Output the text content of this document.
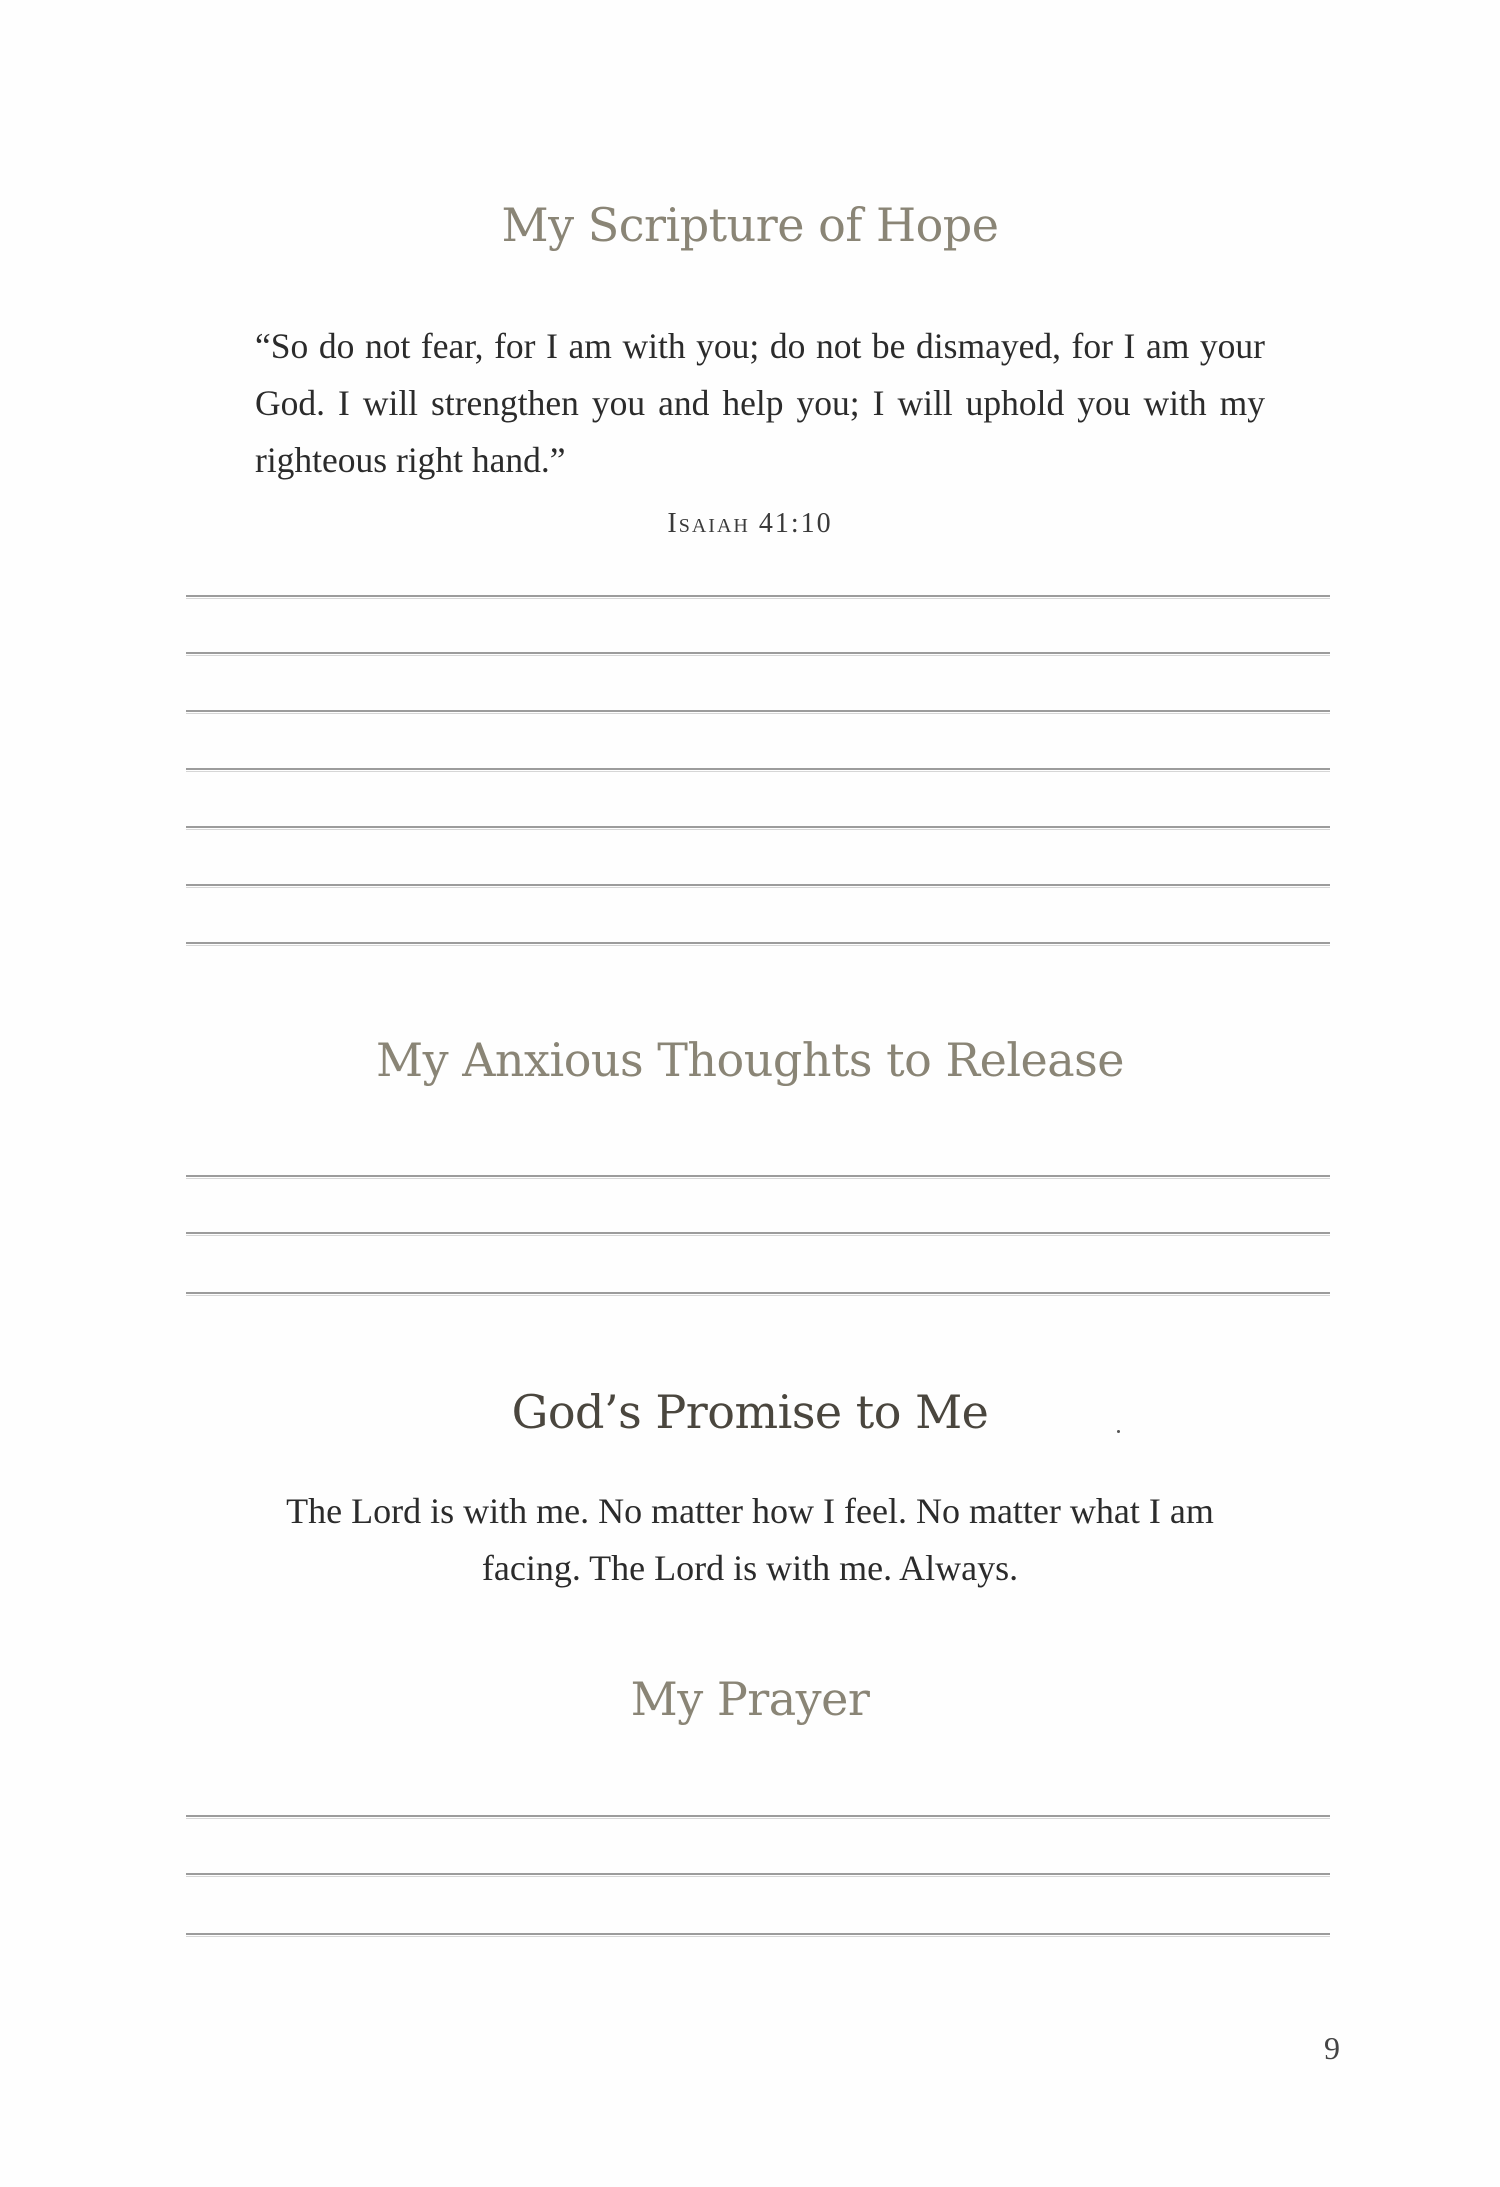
My Scripture of Hope

“So do not fear, for I am with you; do not be dismayed, for I am your God. I will strengthen you and help you; I will uphold you with my righteous right hand.”

Isaiah 41:10
My Anxious Thoughts to Release
God’s Promise to Me

The Lord is with me. No matter how I feel. No matter what I am facing. The Lord is with me. Always.

My Prayer
9
